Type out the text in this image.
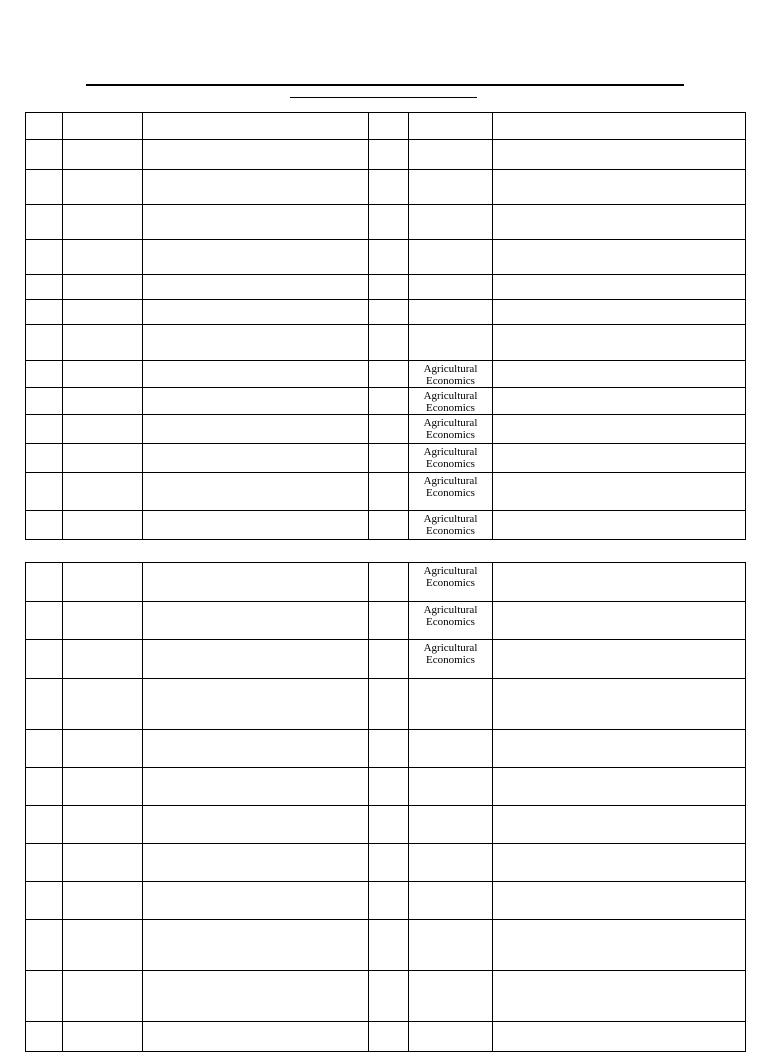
				Agricultural
Economics	
				Agricultural
Economics	
				Agricultural
Economics	
				Agricultural
Economics	
				Agricultural
Economics	
				Agricultural
Economics	
				Agricultural
Economics	
				Agricultural
Economics	
				Agricultural
Economics	
